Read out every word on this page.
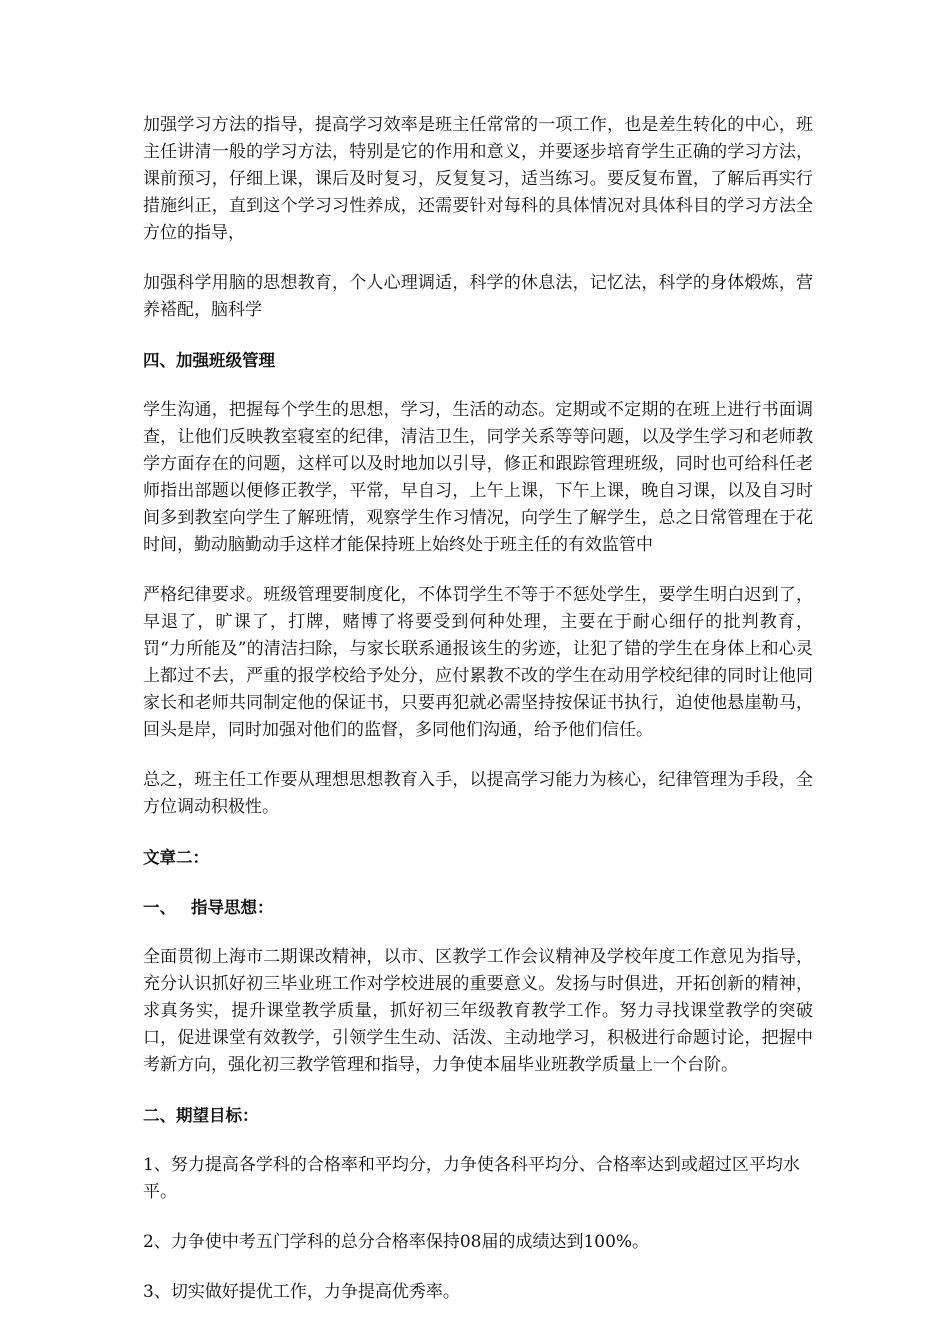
加强学习方法的指导，提高学习效率是班主任常常的一项工作，也是差生转化的中心，班主任讲清一般的学习方法，特别是它的作用和意义，并要逐步培育学生正确的学习方法，课前预习，仔细上课，课后及时复习，反复复习，适当练习。要反复布置，了解后再实行措施纠正，直到这个学习习性养成，还需要针对每科的具体情况对具体科目的学习方法全方位的指导，

加强科学用脑的思想教育，个人心理调适，科学的休息法，记忆法，科学的身体煅炼，营养褡配，脑科学

四、加强班级管理

学生沟通，把握每个学生的思想，学习，生活的动态。定期或不定期的在班上进行书面调查，让他们反映教室寝室的纪律，清洁卫生，同学关系等等问题，以及学生学习和老师教学方面存在的问题，这样可以及时地加以引导，修正和跟踪管理班级，同时也可给科任老师指出部题以便修正教学，平常，早自习，上午上课，下午上课，晚自习课，以及自习时间多到教室向学生了解班情，观察学生作习情况，向学生了解学生，总之日常管理在于花时间，勤动脑勤动手这样才能保持班上始终处于班主任的有效监管中

严格纪律要求。班级管理要制度化，不体罚学生不等于不惩处学生，要学生明白迟到了，早退了，旷课了，打牌，赌博了将要受到何种处理，主要在于耐心细仔的批判教育，罚“力所能及”的清洁扫除，与家长联系通报该生的劣迹，让犯了错的学生在身体上和心灵上都过不去，严重的报学校给予处分，应付累教不改的学生在动用学校纪律的同时让他同家长和老师共同制定他的保证书，只要再犯就必需坚持按保证书执行，迫使他悬崖勒马，回头是岸，同时加强对他们的监督，多同他们沟通，给予他们信任。

总之，班主任工作要从理想思想教育入手，以提高学习能力为核心，纪律管理为手段，全方位调动积极性。

文章二：
一、 指导思想：

全面贯彻上海市二期课改精神，以市、区教学工作会议精神及学校年度工作意见为指导，充分认识抓好初三毕业班工作对学校进展的重要意义。发扬与时俱进，开拓创新的精神，求真务实，提升课堂教学质量，抓好初三年级教育教学工作。努力寻找课堂教学的突破口，促进课堂有效教学，引领学生生动、活泼、主动地学习，积极进行命题讨论，把握中考新方向，强化初三教学管理和指导，力争使本届毕业班教学质量上一个台阶。

二、期望目标：

1、努力提高各学科的合格率和平均分，力争使各科平均分、合格率达到或超过区平均水平。

2、力争使中考五门学科的总分合格率保持08届的成绩达到100%。

3、切实做好提优工作，力争提高优秀率。
